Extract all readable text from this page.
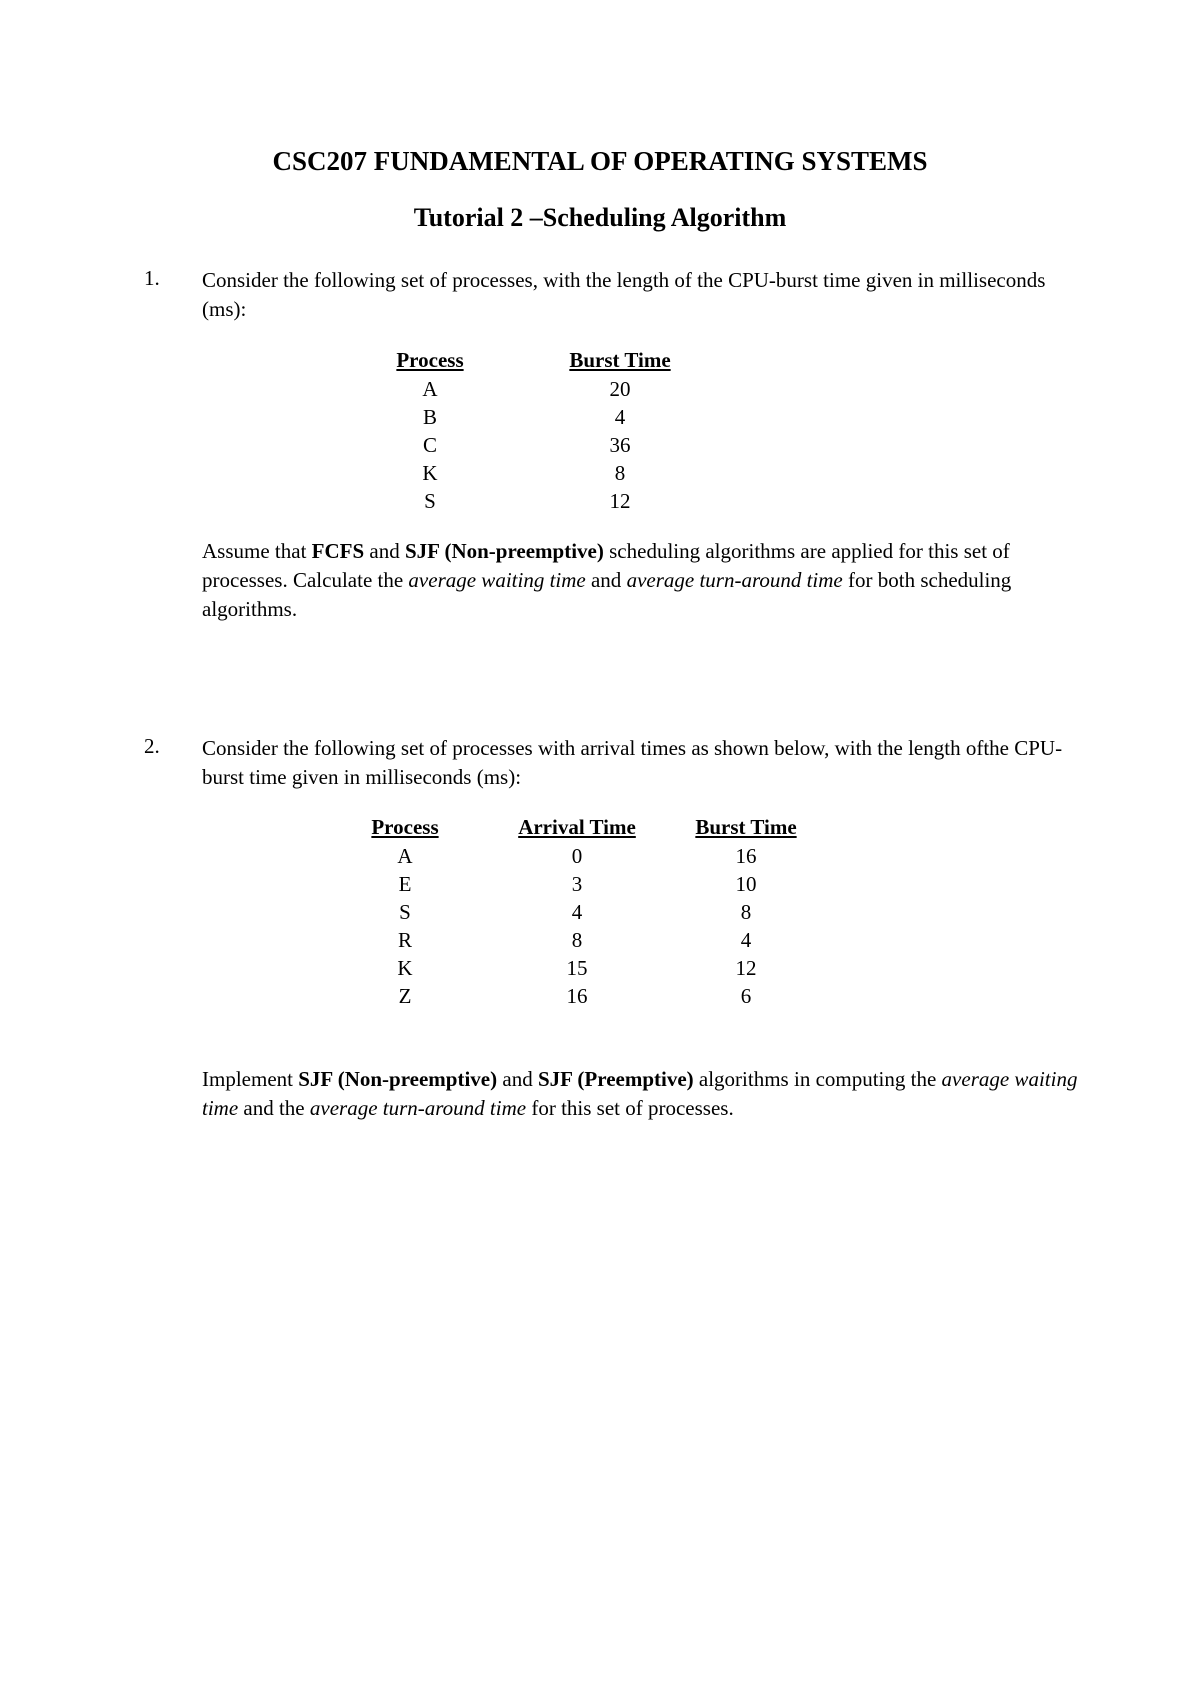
CSC207 FUNDAMENTAL OF OPERATING SYSTEMS
Tutorial 2 –Scheduling Algorithm
1. Consider the following set of processes, with the length of the CPU-burst time given in milliseconds (ms):

Process		Burst Time
A		20
B		4
C		36
K		8
S		12

Assume that FCFS and SJF (Non-preemptive) scheduling algorithms are applied for this set of processes. Calculate the average waiting time and average turn-around time for both scheduling algorithms.

2. Consider the following set of processes with arrival times as shown below, with the length ofthe CPU-burst time given in milliseconds (ms):

Process		Arrival Time		Burst Time
A		0		16
E		3		10
S		4		8
R		8		4
K		15		12
Z		16		6

Implement SJF (Non-preemptive) and SJF (Preemptive) algorithms in computing the average waiting time and the average turn-around time for this set of processes.
